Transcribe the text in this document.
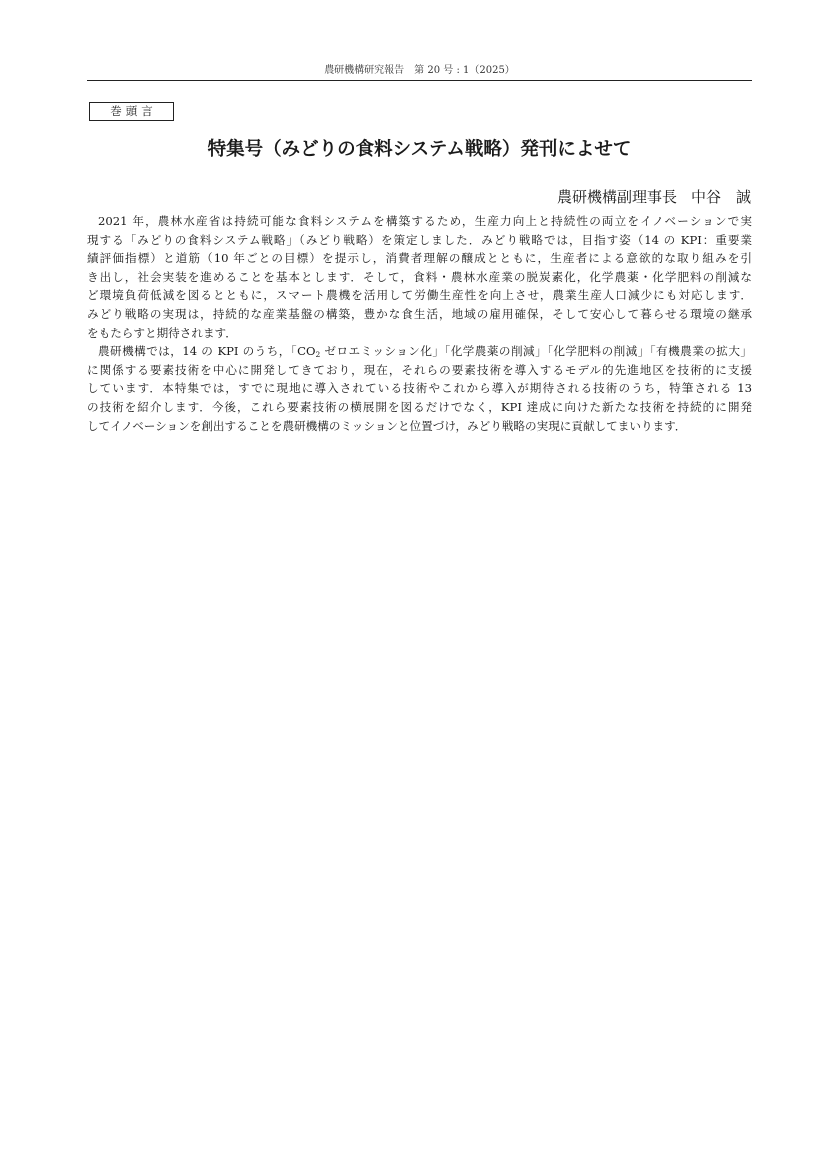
農研機構研究報告　第 20 号 : 1（2025）
巻頭言
特集号（みどりの食料システム戦略）発刊によせて
農研機構副理事長 中谷　誠
2021 年，農林水産省は持続可能な食料システムを構築するため，生産力向上と持続性の両立をイノベーションで実
現する「みどりの食料システム戦略」（みどり戦略）を策定しました．みどり戦略では，目指す姿（14 の KPI：重要業
績評価指標）と道筋（10 年ごとの目標）を提示し，消費者理解の醸成とともに，生産者による意欲的な取り組みを引
き出し，社会実装を進めることを基本とします．そして，食料・農林水産業の脱炭素化，化学農薬・化学肥料の削減な
ど環境負荷低減を図るとともに，スマート農機を活用して労働生産性を向上させ，農業生産人口減少にも対応します．
みどり戦略の実現は，持続的な産業基盤の構築，豊かな食生活，地域の雇用確保，そして安心して暮らせる環境の継承
をもたらすと期待されます．
農研機構では，14 の KPI のうち，「$CO_2$ ゼロエミッション化」「化学農薬の削減」「化学肥料の削減」「有機農業の拡大」
に関係する要素技術を中心に開発してきており，現在，それらの要素技術を導入するモデル的先進地区を技術的に支援
しています．本特集では，すでに現地に導入されている技術やこれから導入が期待される技術のうち，特筆される 13
の技術を紹介します．今後，これら要素技術の横展開を図るだけでなく，KPI 達成に向けた新たな技術を持続的に開発
してイノベーションを創出することを農研機構のミッションと位置づけ，みどり戦略の実現に貢献してまいります．
